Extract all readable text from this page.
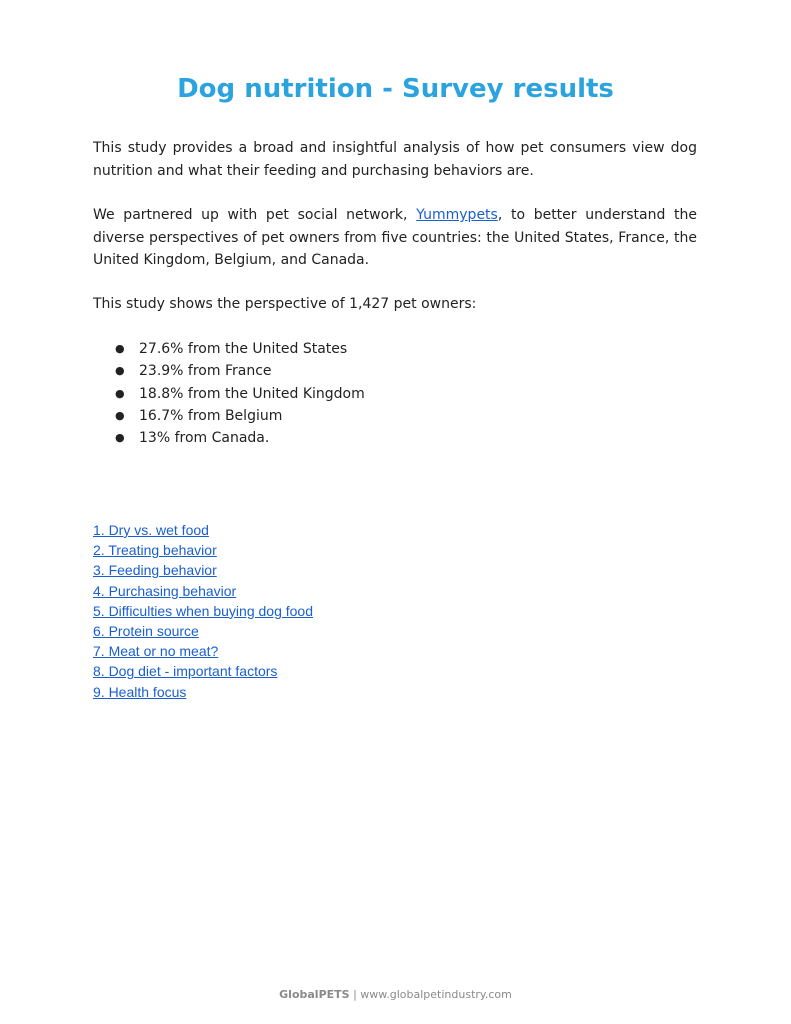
Dog nutrition - Survey results

This study provides a broad and insightful analysis of how pet consumers view dog nutrition and what their feeding and purchasing behaviors are.

We partnered up with pet social network, Yummypets, to better understand the diverse perspectives of pet owners from five countries: the United States, France, the United Kingdom, Belgium, and Canada.

This study shows the perspective of 1,427 pet owners:

● 27.6% from the United States
● 23.9% from France
● 18.8% from the United Kingdom
● 16.7% from Belgium
● 13% from Canada.
1. Dry vs. wet food
2. Treating behavior
3. Feeding behavior
4. Purchasing behavior
5. Difficulties when buying dog food
6. Protein source
7. Meat or no meat?
8. Dog diet - important factors
9. Health focus
GlobalPETS | www.globalpetindustry.com
